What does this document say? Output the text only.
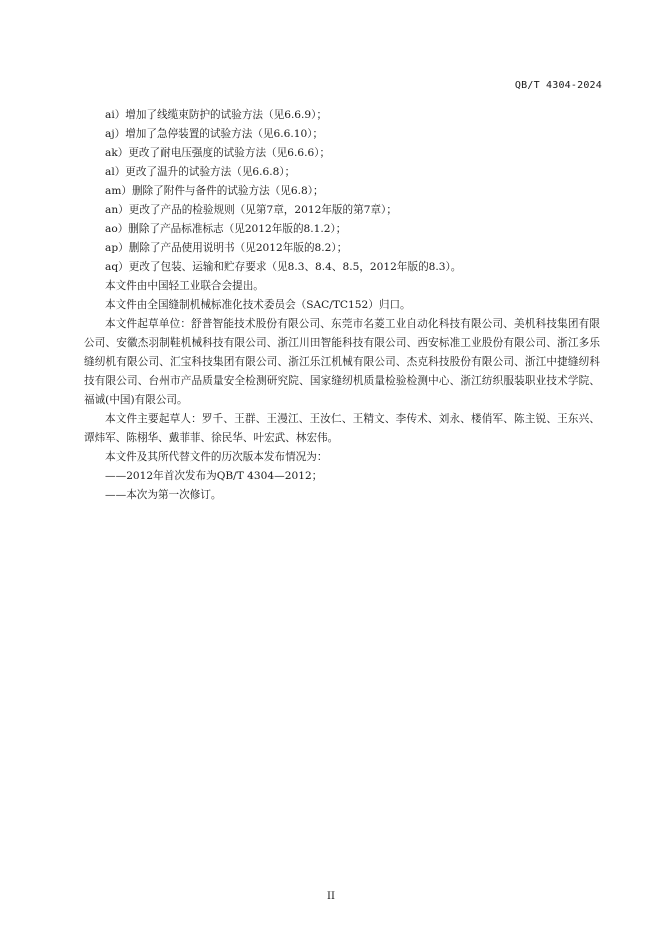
QB/T 4304-2024
ai）增加了线缆束防护的试验方法（见6.6.9）；
aj）增加了急停装置的试验方法（见6.6.10）；
ak）更改了耐电压强度的试验方法（见6.6.6）；
al）更改了温升的试验方法（见6.6.8）；
am）删除了附件与备件的试验方法（见6.8）；
an）更改了产品的检验规则（见第7章，2012年版的第7章）；
ao）删除了产品标准标志（见2012年版的8.1.2）；
ap）删除了产品使用说明书（见2012年版的8.2）；
aq）更改了包装、运输和贮存要求（见8.3、8.4、8.5，2012年版的8.3）。

本文件由中国轻工业联合会提出。

本文件由全国缝制机械标准化技术委员会（SAC/TC152）归口。

本文件起草单位：舒普智能技术股份有限公司、东莞市名菱工业自动化科技有限公司、美机科技集团有限公司、安徽杰羽制鞋机械科技有限公司、浙江川田智能科技有限公司、西安标准工业股份有限公司、浙江多乐缝纫机有限公司、汇宝科技集团有限公司、浙江乐江机械有限公司、杰克科技股份有限公司、浙江中捷缝纫科技有限公司、台州市产品质量安全检测研究院、国家缝纫机质量检验检测中心、浙江纺织服装职业技术学院、福诚(中国)有限公司。

本文件主要起草人：罗千、王群、王漫江、王汝仁、王精文、李传术、刘永、楼俏军、陈主锐、王东兴、谭炜军、陈栩华、戴菲菲、徐民华、叶宏武、林宏伟。

本文件及其所代替文件的历次版本发布情况为：

——2012年首次发布为QB/T 4304—2012；
——本次为第一次修订。
II
